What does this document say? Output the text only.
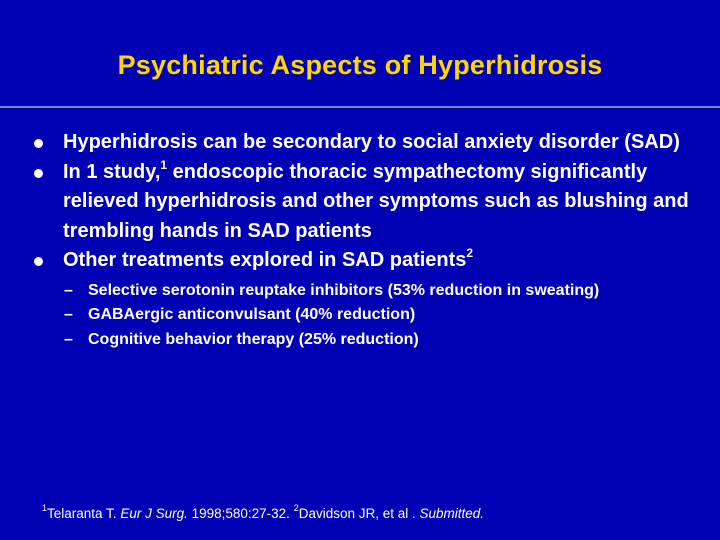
Psychiatric Aspects of Hyperhidrosis
Hyperhidrosis can be secondary to social anxiety disorder (SAD)
In 1 study,$^1$ endoscopic thoracic sympathectomy significantly relieved hyperhidrosis and other symptoms such as blushing and trembling hands in SAD patients
Other treatments explored in SAD patients$^2$
– Selective serotonin reuptake inhibitors (53% reduction in sweating)
– GABAergic anticonvulsant (40% reduction)
– Cognitive behavior therapy (25% reduction)
$^1$Telaranta T. Eur J Surg. 1998;580:27-32. $^2$Davidson JR, et al . Submitted.
